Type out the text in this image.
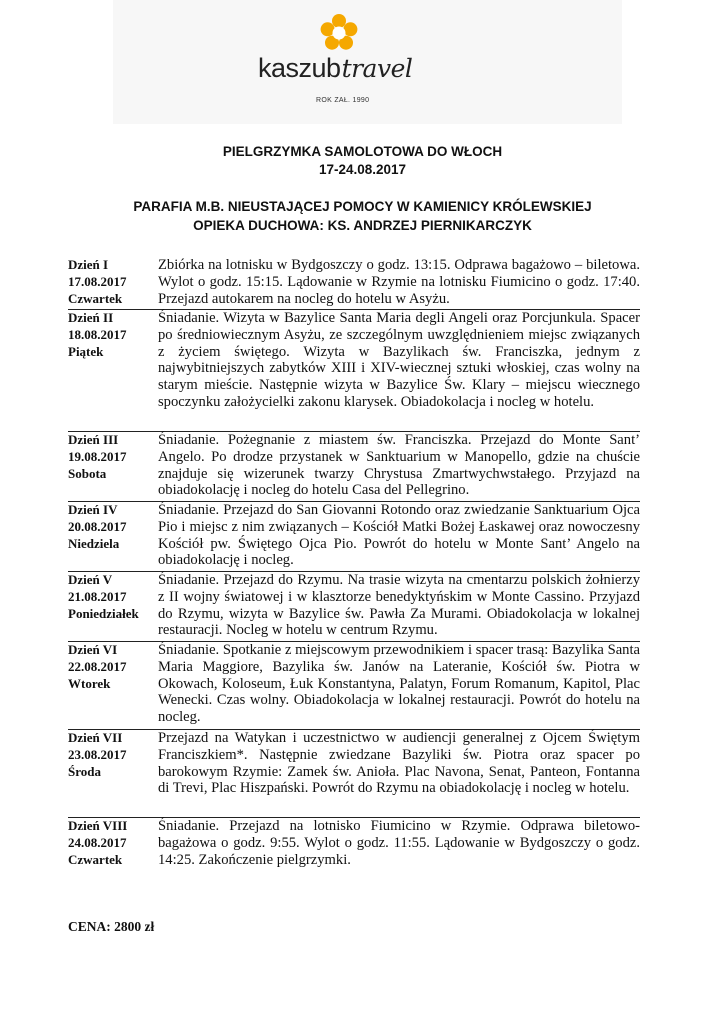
kaszubtravel
ROK ZAŁ. 1990
PIELGRZYMKA SAMOLOTOWA DO WŁOCH
17-24.08.2017
PARAFIA M.B. NIEUSTAJĄCEJ POMOCY W KAMIENICY KRÓLEWSKIEJ
OPIEKA DUCHOWA: KS. ANDRZEJ PIERNIKARCZYK
Dzień I
17.08.2017
Czwartek
Zbiórka na lotnisku w Bydgoszczy o godz. 13:15. Odprawa bagażowo – biletowa. Wylot o godz. 15:15. Lądowanie w Rzymie na lotnisku Fiumicino o godz. 17:40. Przejazd autokarem na nocleg do hotelu w Asyżu.
Dzień II
18.08.2017
Piątek
Śniadanie. Wizyta w Bazylice Santa Maria degli Angeli oraz Porcjunkula. Spacer po średniowiecznym Asyżu, ze szczególnym uwzględnieniem miejsc związanych z życiem świętego. Wizyta w Bazylikach św. Franciszka, jednym z najwybitniejszych zabytków XIII i XIV-wiecznej sztuki włoskiej, czas wolny na starym mieście. Następnie wizyta w Bazylice Św. Klary – miejscu wiecznego spoczynku założycielki zakonu klarysek. Obiadokolacja i nocleg w hotelu.
Dzień III
19.08.2017
Sobota
Śniadanie. Pożegnanie z miastem św. Franciszka. Przejazd do Monte Sant’ Angelo. Po drodze przystanek w Sanktuarium w Manopello, gdzie na chuście znajduje się wizerunek twarzy Chrystusa Zmartwychwstałego. Przyjazd na obiadokolację i nocleg do hotelu Casa del Pellegrino.
Dzień IV
20.08.2017
Niedziela
Śniadanie. Przejazd do San Giovanni Rotondo oraz zwiedzanie Sanktuarium Ojca Pio i miejsc z nim związanych – Kościół Matki Bożej Łaskawej oraz nowoczesny Kościół pw. Świętego Ojca Pio. Powrót do hotelu w Monte Sant’ Angelo na obiadokolację i nocleg.
Dzień V
21.08.2017
Poniedziałek
Śniadanie. Przejazd do Rzymu. Na trasie wizyta na cmentarzu polskich żołnierzy z II wojny światowej i w klasztorze benedyktyńskim w Monte Cassino. Przyjazd do Rzymu, wizyta w Bazylice św. Pawła Za Murami. Obiadokolacja w lokalnej restauracji. Nocleg w hotelu w centrum Rzymu.
Dzień VI
22.08.2017
Wtorek
Śniadanie. Spotkanie z miejscowym przewodnikiem i spacer trasą: Bazylika Santa Maria Maggiore, Bazylika św. Janów na Lateranie, Kościół św. Piotra w Okowach, Koloseum, Łuk Konstantyna, Palatyn, Forum Romanum, Kapitol, Plac Wenecki. Czas wolny. Obiadokolacja w lokalnej restauracji. Powrót do hotelu na nocleg.
Dzień VII
23.08.2017
Środa
Przejazd na Watykan i uczestnictwo w audiencji generalnej z Ojcem Świętym Franciszkiem*. Następnie zwiedzane Bazyliki św. Piotra oraz spacer po barokowym Rzymie: Zamek św. Anioła. Plac Navona, Senat, Panteon, Fontanna di Trevi, Plac Hiszpański. Powrót do Rzymu na obiadokolację i nocleg w hotelu.
Dzień VIII
24.08.2017
Czwartek
Śniadanie. Przejazd na lotnisko Fiumicino w Rzymie. Odprawa biletowo-bagażowa o godz. 9:55. Wylot o godz. 11:55. Lądowanie w Bydgoszczy o godz. 14:25. Zakończenie pielgrzymki.
CENA: 2800 zł
